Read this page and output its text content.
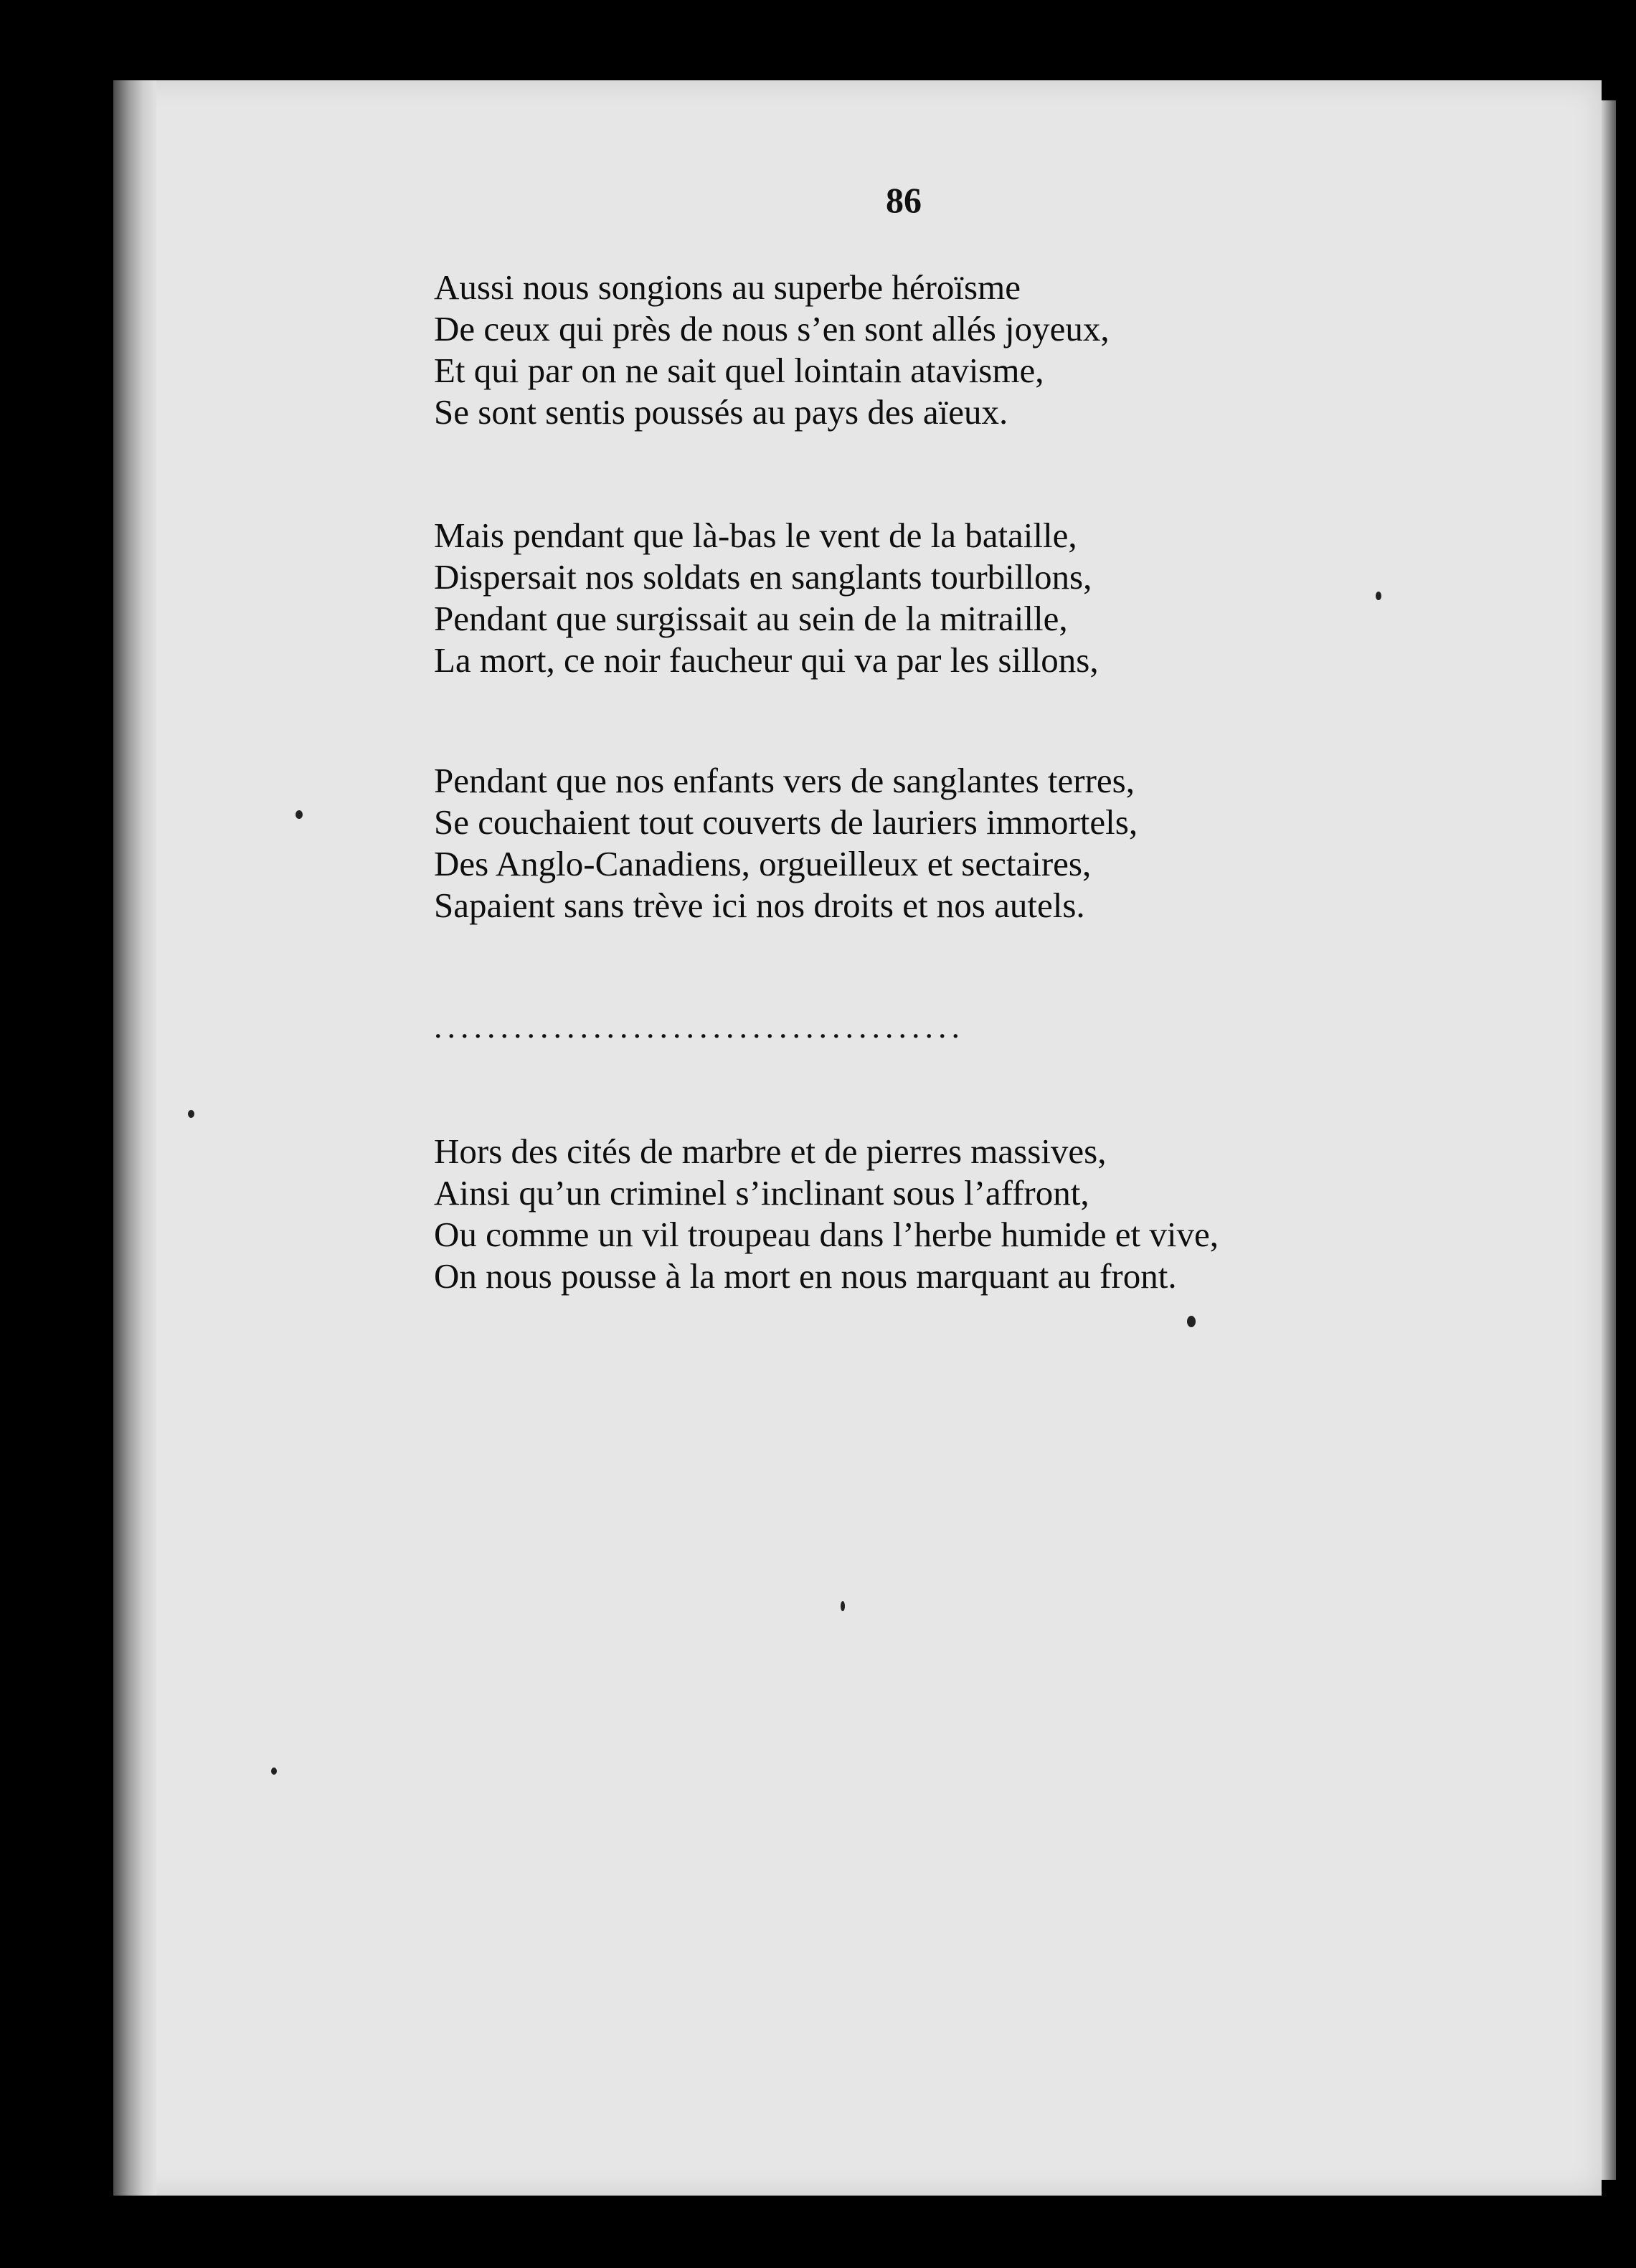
86
Aussi nous songions au superbe héroïsme
De ceux qui près de nous s’en sont allés joyeux,
Et qui par on ne sait quel lointain atavisme,
Se sont sentis poussés au pays des aïeux.
Mais pendant que là-bas le vent de la bataille,
Dispersait nos soldats en sanglants tourbillons,
Pendant que surgissait au sein de la mitraille,
La mort, ce noir faucheur qui va par les sillons,
Pendant que nos enfants vers de sanglantes terres,
Se couchaient tout couverts de lauriers immortels,
Des Anglo-Canadiens, orgueilleux et sectaires,
Sapaient sans trève ici nos droits et nos autels.
........................................
Hors des cités de marbre et de pierres massives,
Ainsi qu’un criminel s’inclinant sous l’affront,
Ou comme un vil troupeau dans l’herbe humide et vive,
On nous pousse à la mort en nous marquant au front.
